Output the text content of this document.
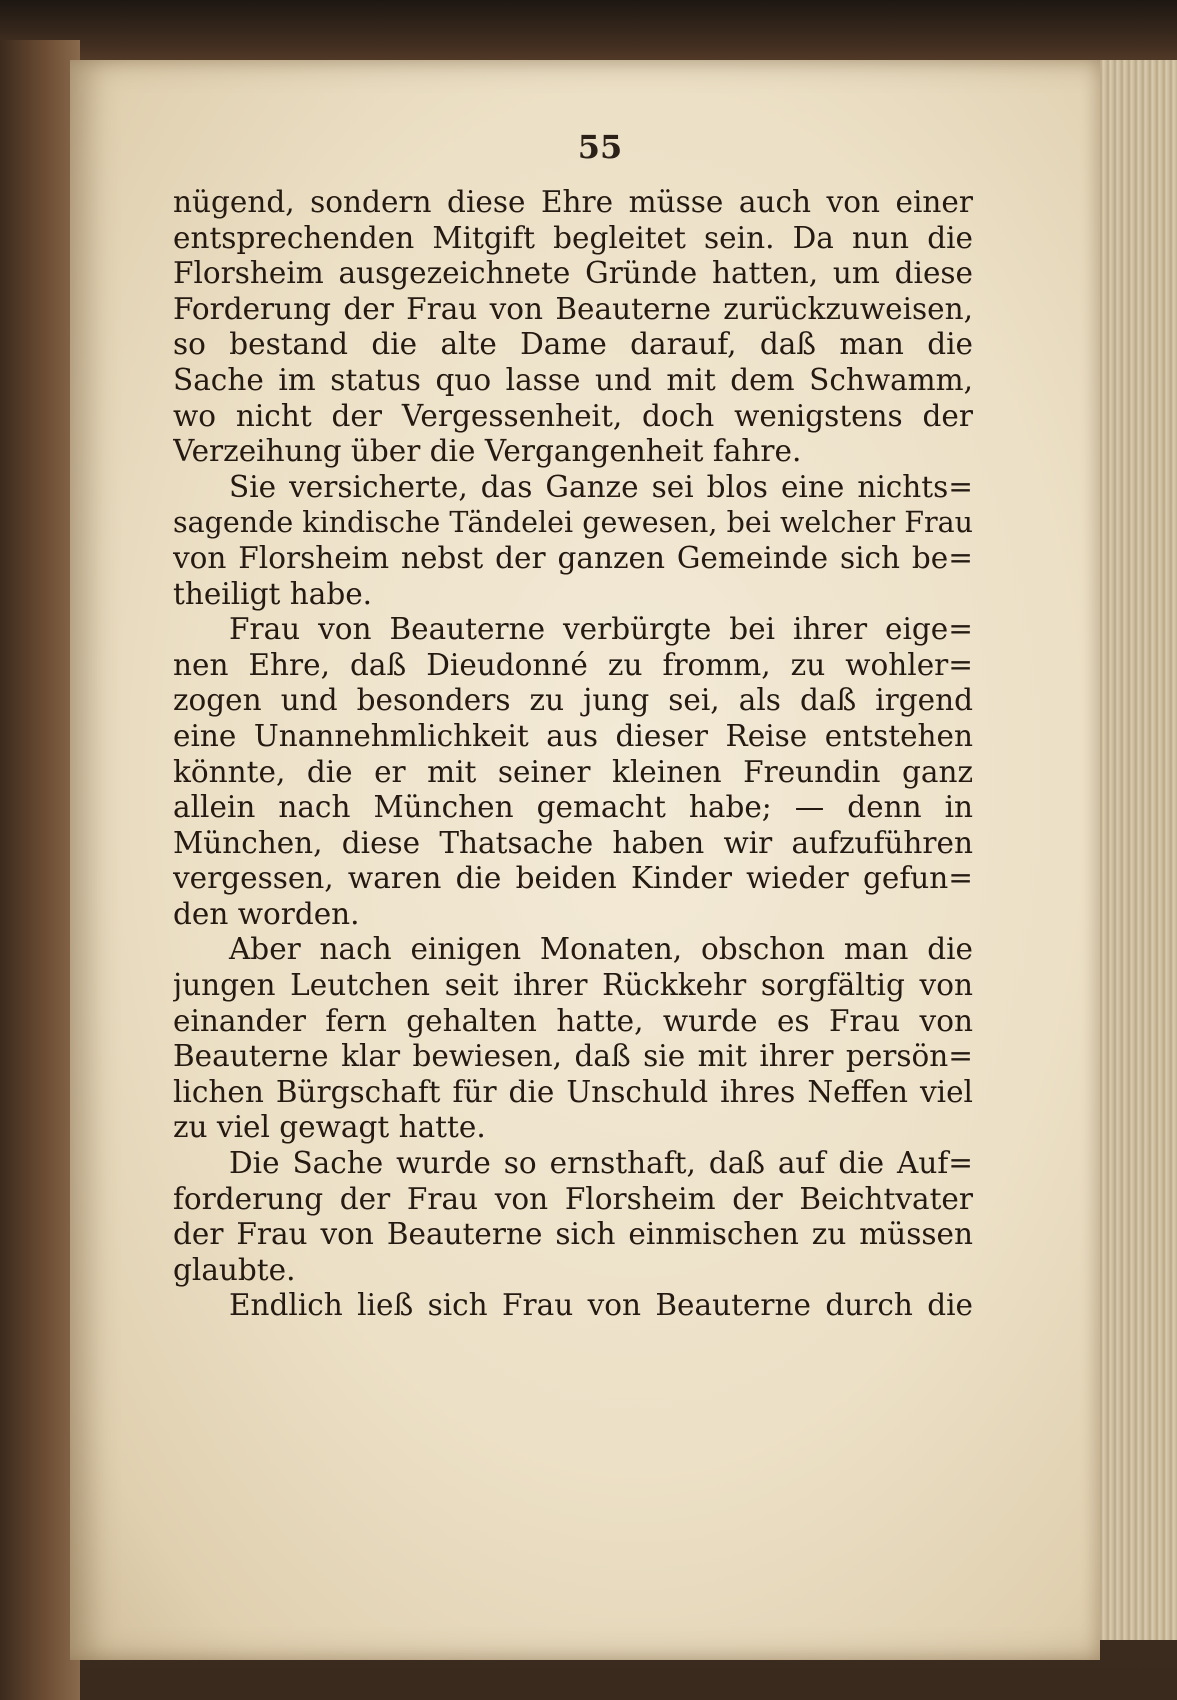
55
nügend, sondern diese Ehre müsse auch von einer
entsprechenden Mitgift begleitet sein. Da nun die
Florsheim ausgezeichnete Gründe hatten, um diese
Forderung der Frau von Beauterne zurückzuweisen,
so bestand die alte Dame darauf, daß man die
Sache im status quo lasse und mit dem Schwamm,
wo nicht der Vergessenheit, doch wenigstens der
Verzeihung über die Vergangenheit fahre.
Sie versicherte, das Ganze sei blos eine nichts=
sagende kindische Tändelei gewesen, bei welcher Frau
von Florsheim nebst der ganzen Gemeinde sich be=
theiligt habe.
Frau von Beauterne verbürgte bei ihrer eige=
nen Ehre, daß Dieudonné zu fromm, zu wohler=
zogen und besonders zu jung sei, als daß irgend
eine Unannehmlichkeit aus dieser Reise entstehen
könnte, die er mit seiner kleinen Freundin ganz
allein nach München gemacht habe; — denn in
München, diese Thatsache haben wir aufzuführen
vergessen, waren die beiden Kinder wieder gefun=
den worden.
Aber nach einigen Monaten, obschon man die
jungen Leutchen seit ihrer Rückkehr sorgfältig von
einander fern gehalten hatte, wurde es Frau von
Beauterne klar bewiesen, daß sie mit ihrer persön=
lichen Bürgschaft für die Unschuld ihres Neffen viel
zu viel gewagt hatte.
Die Sache wurde so ernsthaft, daß auf die Auf=
forderung der Frau von Florsheim der Beichtvater
der Frau von Beauterne sich einmischen zu müssen
glaubte.
Endlich ließ sich Frau von Beauterne durch die
